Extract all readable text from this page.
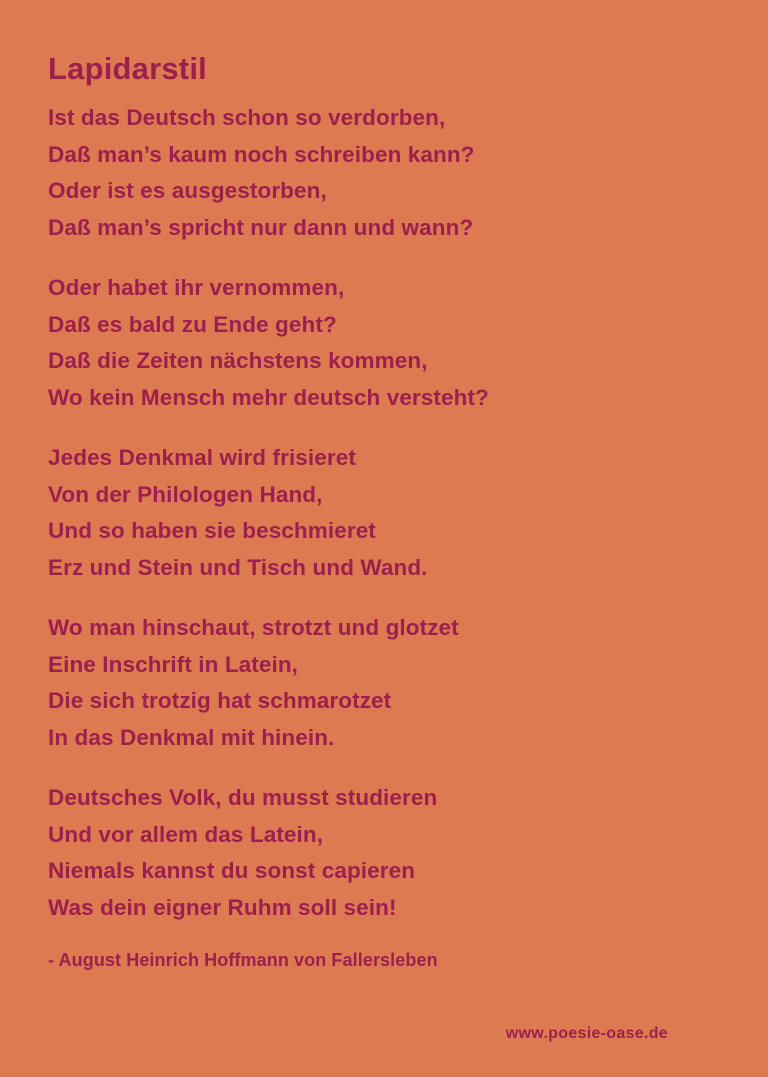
Lapidarstil
Ist das Deutsch schon so verdorben,
Daß man’s kaum noch schreiben kann?
Oder ist es ausgestorben,
Daß man’s spricht nur dann und wann?
Oder habet ihr vernommen,
Daß es bald zu Ende geht?
Daß die Zeiten nächstens kommen,
Wo kein Mensch mehr deutsch versteht?
Jedes Denkmal wird frisieret
Von der Philologen Hand,
Und so haben sie beschmieret
Erz und Stein und Tisch und Wand.
Wo man hinschaut, strotzt und glotzet
Eine Inschrift in Latein,
Die sich trotzig hat schmarotzet
In das Denkmal mit hinein.
Deutsches Volk, du musst studieren
Und vor allem das Latein,
Niemals kannst du sonst capieren
Was dein eigner Ruhm soll sein!
- August Heinrich Hoffmann von Fallersleben
www.poesie-oase.de
